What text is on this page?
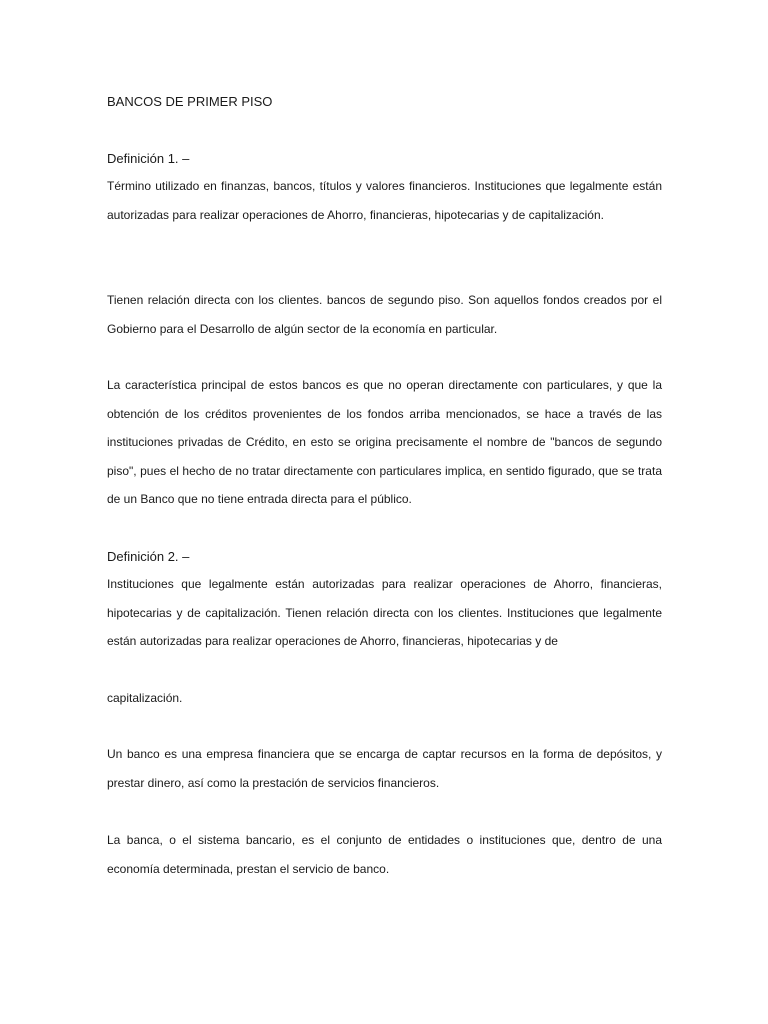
BANCOS DE PRIMER PISO
Definición 1. –
Término utilizado en finanzas, bancos, títulos y valores financieros. Instituciones que legalmente están autorizadas para realizar operaciones de Ahorro, financieras, hipotecarias y de capitalización.
Tienen relación directa con los clientes. bancos de segundo piso. Son aquellos fondos creados por el Gobierno para el Desarrollo de algún sector de la economía en particular.
La característica principal de estos bancos es que no operan directamente con particulares, y que la obtención de los créditos provenientes de los fondos arriba mencionados, se hace a través de las instituciones privadas de Crédito, en esto se origina precisamente el nombre de "bancos de segundo piso", pues el hecho de no tratar directamente con particulares implica, en sentido figurado, que se trata de un Banco que no tiene entrada directa para el público.
Definición 2. –
Instituciones que legalmente están autorizadas para realizar operaciones de Ahorro, financieras, hipotecarias y de capitalización. Tienen relación directa con los clientes. Instituciones que legalmente están autorizadas para realizar operaciones de Ahorro, financieras, hipotecarias y de
capitalización.
Un banco es una empresa financiera que se encarga de captar recursos en la forma de depósitos, y prestar dinero, así como la prestación de servicios financieros.
La banca, o el sistema bancario, es el conjunto de entidades o instituciones que, dentro de una economía determinada, prestan el servicio de banco.
